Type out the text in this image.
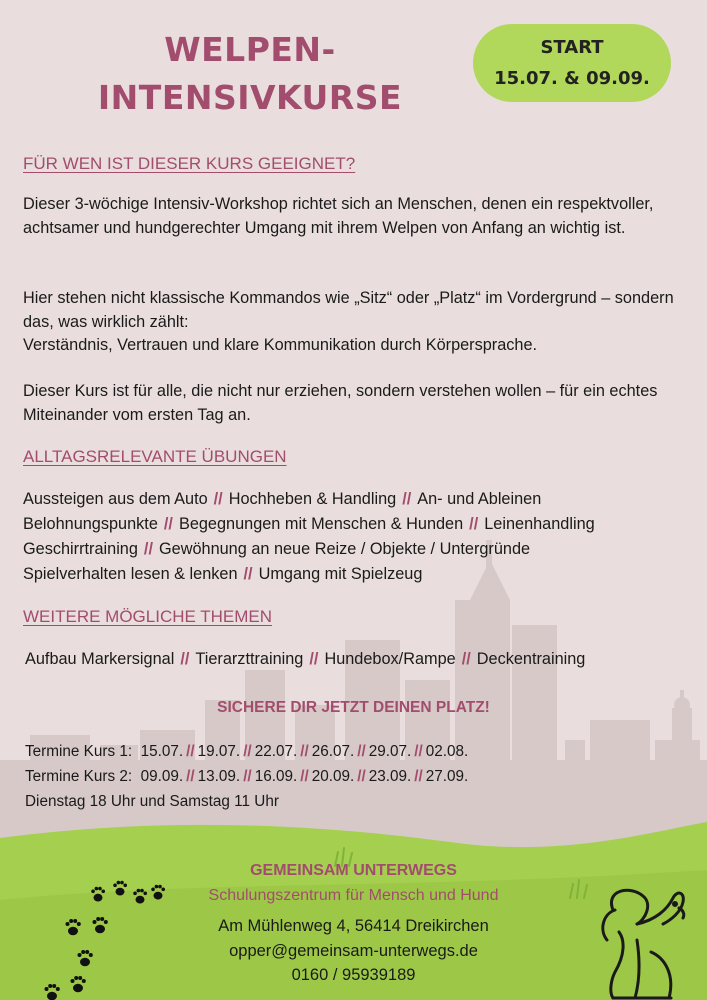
WELPEN-
INTENSIVKURSE
START
15.07. & 09.09.
FÜR WEN IST DIESER KURS GEEIGNET?

Dieser 3-wöchige Intensiv-Workshop richtet sich an Menschen, denen ein respektvoller, achtsamer und hundgerechter Umgang mit ihrem Welpen von Anfang an wichtig ist.

Hier stehen nicht klassische Kommandos wie „Sitz“ oder „Platz“ im Vordergrund – sondern das, was wirklich zählt:

Verständnis, Vertrauen und klare Kommunikation durch Körpersprache.

Dieser Kurs ist für alle, die nicht nur erziehen, sondern verstehen wollen – für ein echtes Miteinander vom ersten Tag an.

ALLTAGSRELEVANTE ÜBUNGEN
Aussteigen aus dem Auto // Hochheben & Handling // An- und Ableinen
Belohnungspunkte // Begegnungen mit Menschen & Hunden // Leinenhandling
Geschirrtraining // Gewöhnung an neue Reize / Objekte / Untergründe
Spielverhalten lesen & lenken // Umgang mit Spielzeug
WEITERE MÖGLICHE THEMEN
Aufbau Markersignal // Tierarzttraining // Hundebox/Rampe // Deckentraining
SICHERE DIR JETZT DEINEN PLATZ!
Termine Kurs 1: 15.07. // 19.07. // 22.07. // 26.07. // 29.07. // 02.08.
Termine Kurs 2: 09.09. // 13.09. // 16.09. // 20.09. // 23.09. // 27.09.
Dienstag 18 Uhr und Samstag 11 Uhr
GEMEINSAM UNTERWEGS
Schulungszentrum für Mensch und Hund
Am Mühlenweg 4, 56414 Dreikirchen
opper@gemeinsam-unterwegs.de
0160 / 95939189
